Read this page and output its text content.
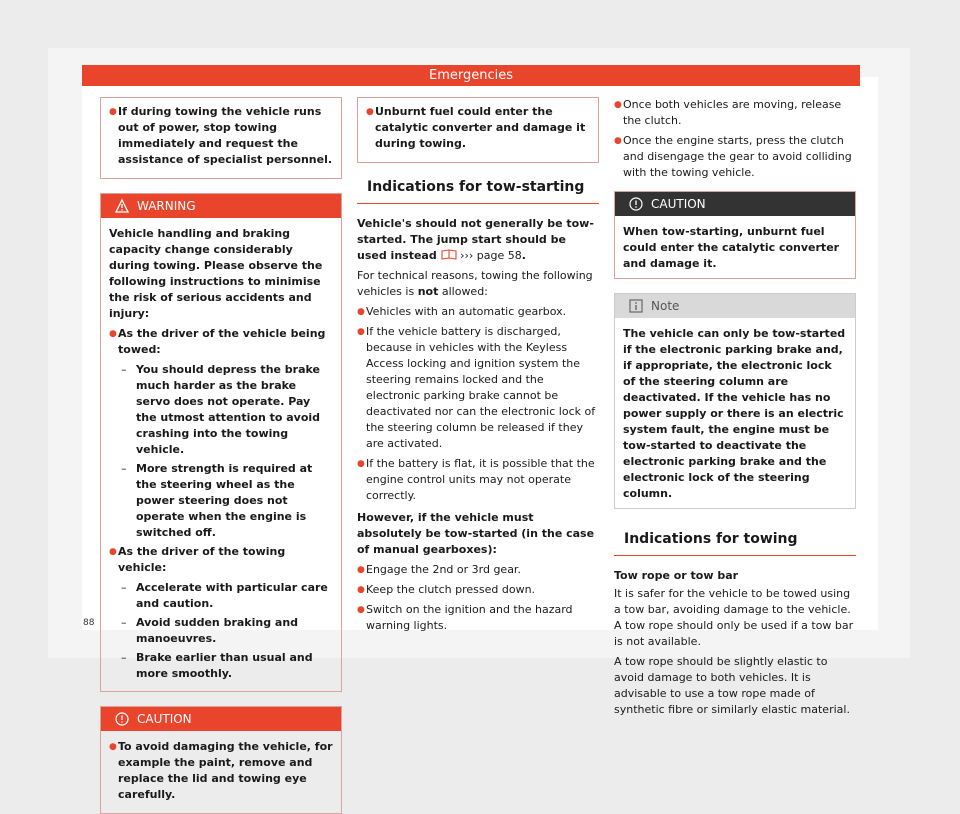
Emergencies
● If during towing the vehicle runs out of power, stop towing immediately and request the assistance of specialist personnel.
WARNING
Vehicle handling and braking capacity change considerably during towing. Please observe the following instructions to minimise the risk of serious accidents and injury:
● As the driver of the vehicle being towed:
– You should depress the brake much harder as the brake servo does not operate. Pay the utmost attention to avoid crashing into the towing vehicle.
– More strength is required at the steering wheel as the power steering does not operate when the engine is switched off.
● As the driver of the towing vehicle:
– Accelerate with particular care and caution.
– Avoid sudden braking and manoeuvres.
– Brake earlier than usual and more smoothly.
CAUTION
● To avoid damaging the vehicle, for example the paint, remove and replace the lid and towing eye carefully.
● Unburnt fuel could enter the catalytic converter and damage it during towing.
Indications for tow-starting
Vehicle's should not generally be tow-started. The jump start should be used instead ››› page 58.
For technical reasons, towing the following vehicles is not allowed:
● Vehicles with an automatic gearbox.
● If the vehicle battery is discharged, because in vehicles with the Keyless Access locking and ignition system the steering remains locked and the electronic parking brake cannot be deactivated nor can the electronic lock of the steering column be released if they are activated.
● If the battery is flat, it is possible that the engine control units may not operate correctly.
However, if the vehicle must absolutely be tow-started (in the case of manual gearboxes):
● Engage the 2nd or 3rd gear.
● Keep the clutch pressed down.
● Switch on the ignition and the hazard warning lights.
● Once both vehicles are moving, release the clutch.
● Once the engine starts, press the clutch and disengage the gear to avoid colliding with the towing vehicle.
CAUTION
When tow-starting, unburnt fuel could enter the catalytic converter and damage it.
Note
The vehicle can only be tow-started if the electronic parking brake and, if appropriate, the electronic lock of the steering column are deactivated. If the vehicle has no power supply or there is an electric system fault, the engine must be tow-started to deactivate the electronic parking brake and the electronic lock of the steering column.
Indications for towing
Tow rope or tow bar
It is safer for the vehicle to be towed using a tow bar, avoiding damage to the vehicle. A tow rope should only be used if a tow bar is not available.
A tow rope should be slightly elastic to avoid damage to both vehicles. It is advisable to use a tow rope made of synthetic fibre or similarly elastic material.
88
